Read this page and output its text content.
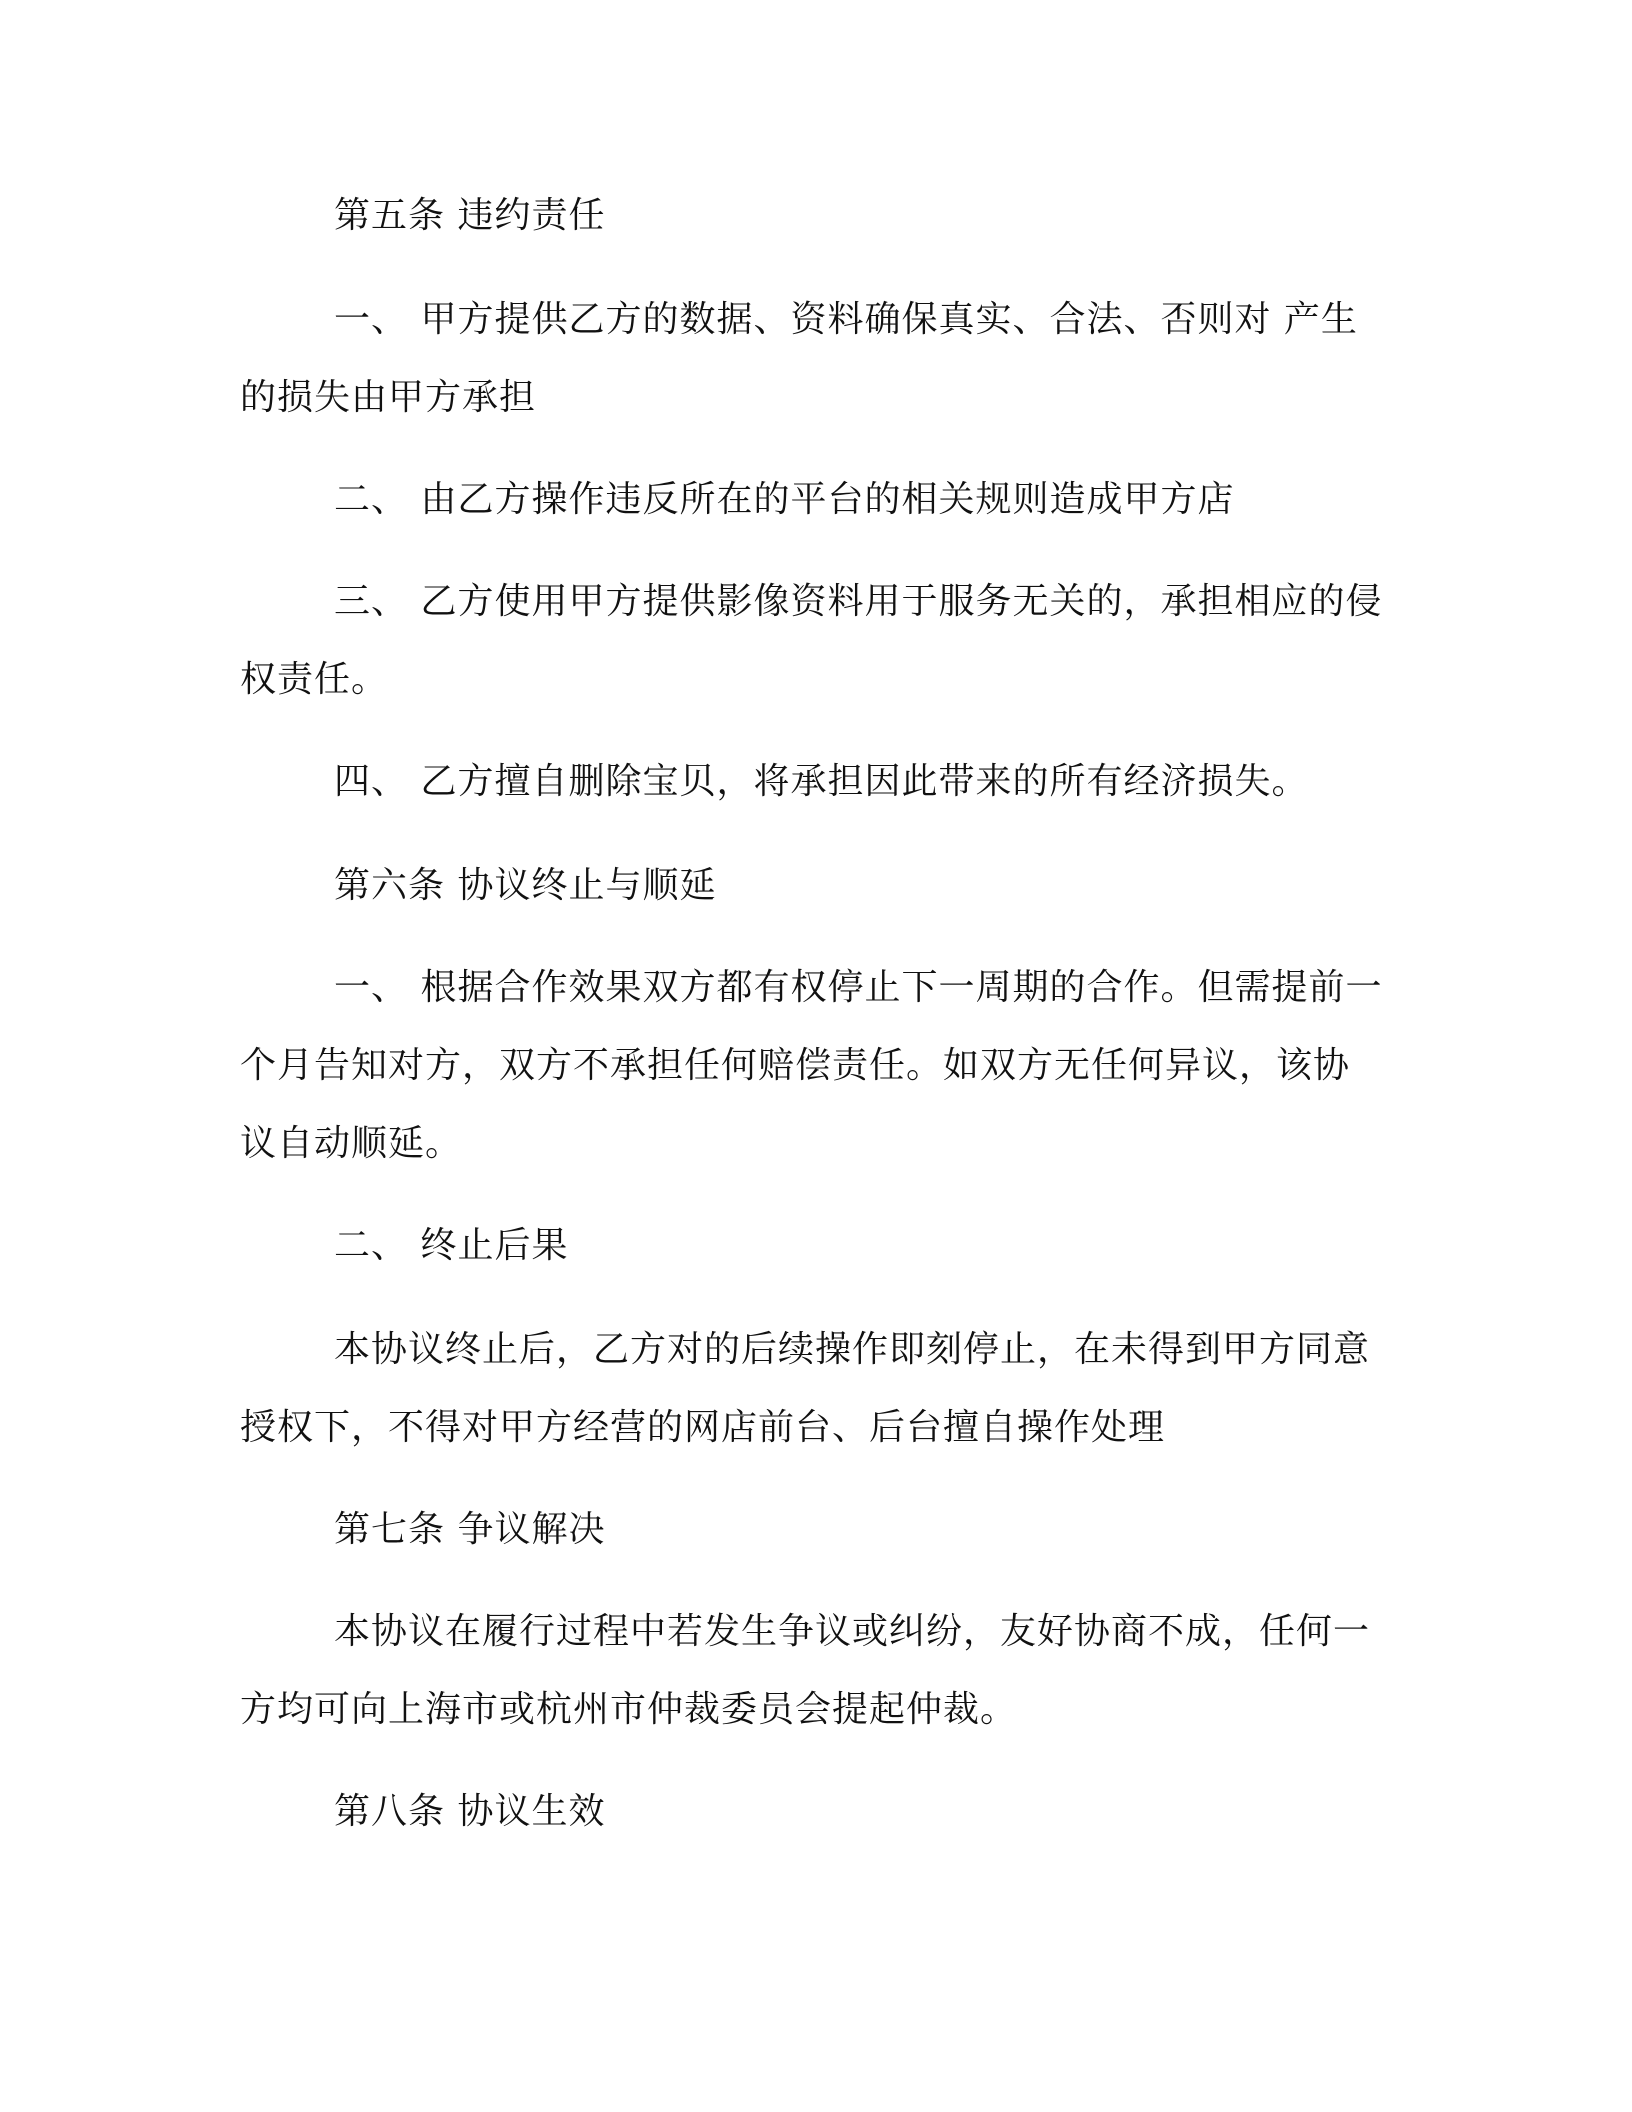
第五条 违约责任
一、 甲方提供乙方的数据、资料确保真实、合法、否则对 产生
的损失由甲方承担
二、 由乙方操作违反所在的平台的相关规则造成甲方店
三、 乙方使用甲方提供影像资料用于服务无关的，承担相应的侵
权责任。
四、 乙方擅自删除宝贝，将承担因此带来的所有经济损失。
第六条 协议终止与顺延
一、 根据合作效果双方都有权停止下一周期的合作。但需提前一
个月告知对方，双方不承担任何赔偿责任。如双方无任何异议，该协
议自动顺延。
二、 终止后果
本协议终止后，乙方对的后续操作即刻停止，在未得到甲方同意
授权下，不得对甲方经营的网店前台、后台擅自操作处理
第七条 争议解决
本协议在履行过程中若发生争议或纠纷，友好协商不成，任何一
方均可向上海市或杭州市仲裁委员会提起仲裁。
第八条 协议生效
